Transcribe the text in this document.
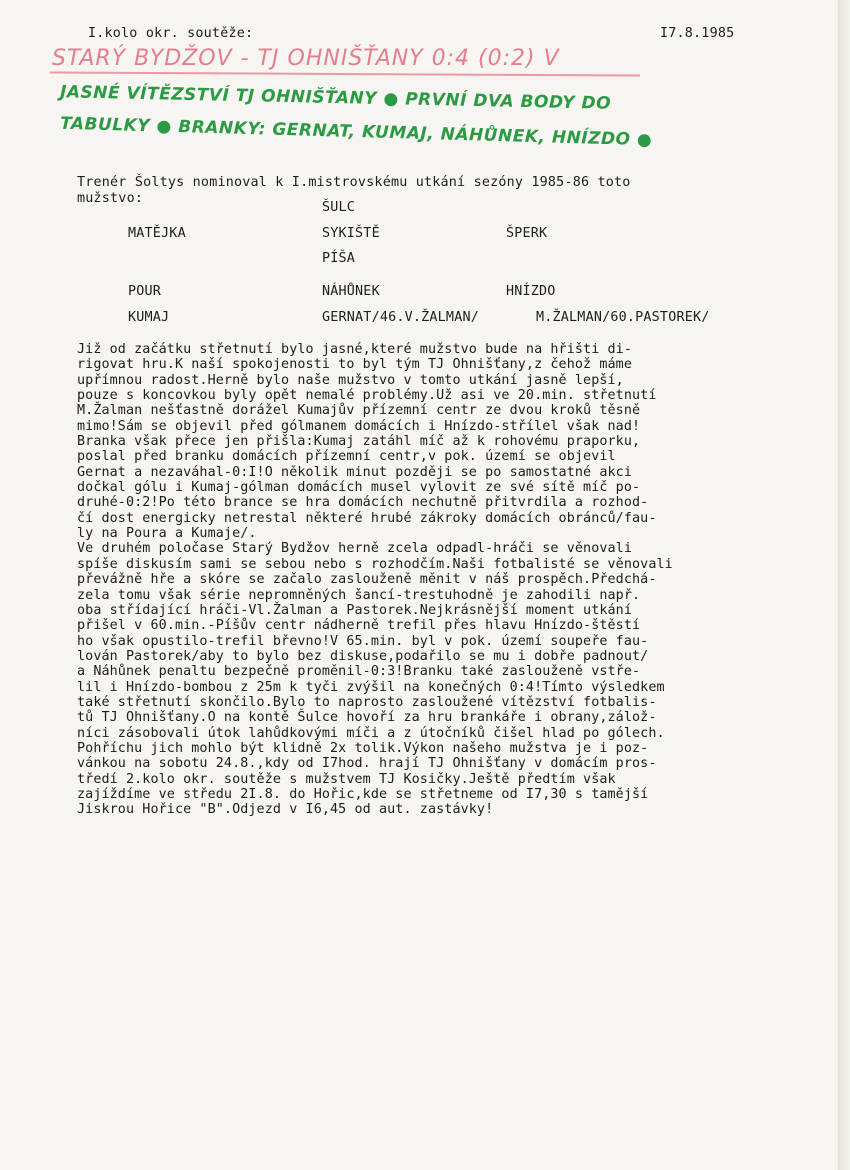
I.kolo okr. soutěže:	I7.8.1985
STARÝ BYDŽOV - TJ OHNIŠŤANY 0:4 (0:2) V
JASNÉ VÍTĚZSTVÍ TJ OHNIŠŤANY ● PRVNÍ DVA BODY DO
TABULKY ● BRANKY: GERNAT, KUMAJ, NÁHŮNEK, HNÍZDO ●
Trenér Šoltys nominoval k I.mistrovskému utkání sezóny 1985-86 toto
mužstvo:
ŠULC
MATĚJKA	SYKIŠTĚ	ŠPERK
PÍŠA
POUR	NÁHŮNEK	HNÍZDO
KUMAJ	GERNAT/46.V.ŽALMAN/	M.ŽALMAN/60.PASTOREK/
Již od začátku střetnutí bylo jasné,které mužstvo bude na hřišti di-
rigovat hru.K naší spokojenosti to byl tým TJ Ohnišťany,z čehož máme
upřímnou radost.Herně bylo naše mužstvo v tomto utkání jasně lepší,
pouze s koncovkou byly opět nemalé problémy.Už asi ve 20.min. střetnutí
M.Žalman nešťastně dorážel Kumajův přízemní centr ze dvou kroků těsně
mimo!Sám se objevil před gólmanem domácích i Hnízdo-střílel však nad!
Branka však přece jen přišla:Kumaj zatáhl míč až k rohovému praporku,
poslal před branku domácích přízemní centr,v pok. území se objevil
Gernat a nezaváhal-0:I!O několik minut později se po samostatné akci
dočkal gólu i Kumaj-gólman domácích musel vylovit ze své sítě míč po-
druhé-0:2!Po této brance se hra domácích nechutně přitvrdila a rozhod-
čí dost energicky netrestal některé hrubé zákroky domácích obránců/fau-
ly na Poura a Kumaje/.
Ve druhém poločase Starý Bydžov herně zcela odpadl-hráči se věnovali
spíše diskusím sami se sebou nebo s rozhodčím.Naši fotbalisté se věnovali
převážně hře a skóre se začalo zaslouženě měnit v náš prospěch.Předchá-
zela tomu však série nepromněných šancí-trestuhodně je zahodili např.
oba střídající hráči-Vl.Žalman a Pastorek.Nejkrásnější moment utkání
přišel v 60.min.-Píšův centr nádherně trefil přes hlavu Hnízdo-štěstí
ho však opustilo-trefil břevno!V 65.min. byl v pok. území soupeře fau-
lován Pastorek/aby to bylo bez diskuse,podařilo se mu i dobře padnout/
a Náhůnek penaltu bezpečně proměnil-0:3!Branku také zaslouženě vstře-
lil i Hnízdo-bombou z 25m k tyči zvýšil na konečných 0:4!Tímto výsledkem
také střetnutí skončilo.Bylo to naprosto zasloužené vítězství fotbalis-
tů TJ Ohnišťany.O na kontě Šulce hovoří za hru brankáře i obrany,zálož-
níci zásobovali útok lahůdkovými míči a z útočníků čišel hlad po gólech.
Pohříchu jich mohlo být klidně 2x tolik.Výkon našeho mužstva je i poz-
vánkou na sobotu 24.8.,kdy od I7hod. hrají TJ Ohnišťany v domácím pros-
tředí 2.kolo okr. soutěže s mužstvem TJ Kosičky.Ještě předtím však
zajíždíme ve středu 2I.8. do Hořic,kde se střetneme od I7,30 s tamější
Jiskrou Hořice "B".Odjezd v I6,45 od aut. zastávky!
